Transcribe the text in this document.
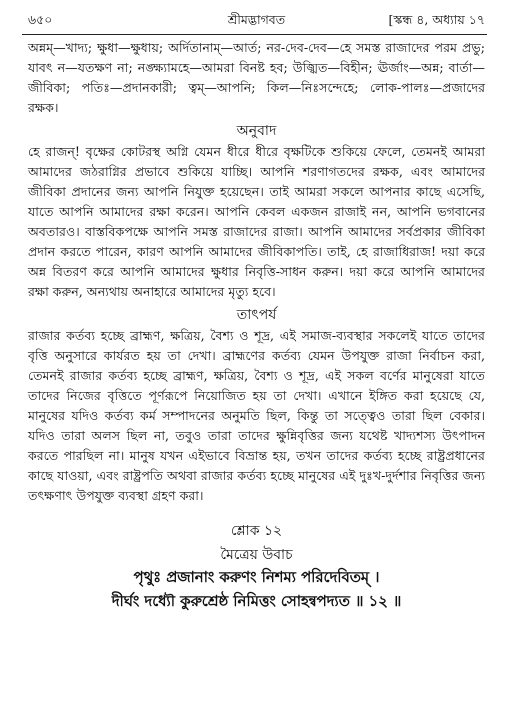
৬৫০	শ্রীমদ্ভাগবত	[স্কন্ধ ৪, অধ্যায় ১৭

অন্নম্—খাদ্য; ক্ষুধা—ক্ষুধায়; অর্দিতানাম্—আর্ত; নর-দেব-দেব—হে সমস্ত রাজাদের পরম প্রভু; যাবৎ ন—যতক্ষণ না; নঙ্ক্ষ্যামহে—আমরা বিনষ্ট হব; উজ্ঝিত—বিহীন; ঊর্জাং—অন্ন; বার্তা—জীবিকা; পতিঃ—প্রদানকারী; ত্বম্—আপনি; কিল—নিঃসন্দেহে; লোক-পালঃ—প্রজাদের রক্ষক।

অনুবাদ

হে রাজন্! বৃক্ষের কোটরস্থ অগ্নি যেমন ধীরে ধীরে বৃক্ষটিকে শুকিয়ে ফেলে, তেমনই আমরা আমাদের জঠরাগ্নির প্রভাবে শুকিয়ে যাচ্ছি। আপনি শরণাগতদের রক্ষক, এবং আমাদের জীবিকা প্রদানের জন্য আপনি নিযুক্ত হয়েছেন। তাই আমরা সকলে আপনার কাছে এসেছি, যাতে আপনি আমাদের রক্ষা করেন। আপনি কেবল একজন রাজাই নন, আপনি ভগবানের অবতারও। বাস্তবিকপক্ষে আপনি সমস্ত রাজাদের রাজা। আপনি আমাদের সর্বপ্রকার জীবিকা প্রদান করতে পারেন, কারণ আপনি আমাদের জীবিকাপতি। তাই, হে রাজাধিরাজ! দয়া করে অন্ন বিতরণ করে আপনি আমাদের ক্ষুধার নিবৃত্তি-সাধন করুন। দয়া করে আপনি আমাদের রক্ষা করুন, অন্যথায় অনাহারে আমাদের মৃত্যু হবে।

তাৎপর্য

রাজার কর্তব্য হচ্ছে ব্রাহ্মণ, ক্ষত্রিয়, বৈশ্য ও শূদ্র, এই সমাজ-ব্যবস্থার সকলেই যাতে তাদের বৃত্তি অনুসারে কার্যরত হয় তা দেখা। ব্রাহ্মণের কর্তব্য যেমন উপযুক্ত রাজা নির্বাচন করা, তেমনই রাজার কর্তব্য হচ্ছে ব্রাহ্মণ, ক্ষত্রিয়, বৈশ্য ও শূদ্র, এই সকল বর্ণের মানুষেরা যাতে তাদের নিজের বৃত্তিতে পূর্ণরূপে নিয়োজিত হয় তা দেখা। এখানে ইঙ্গিত করা হয়েছে যে, মানুষের যদিও কর্তব্য কর্ম সম্পাদনের অনুমতি ছিল, কিন্তু তা সত্ত্বেও তারা ছিল বেকার। যদিও তারা অলস ছিল না, তবুও তারা তাদের ক্ষুন্নিবৃত্তির জন্য যথেষ্ট খাদ্যশস্য উৎপাদন করতে পারছিল না। মানুষ যখন এইভাবে বিভ্রান্ত হয়, তখন তাদের কর্তব্য হচ্ছে রাষ্ট্রপ্রধানের কাছে যাওয়া, এবং রাষ্ট্রপতি অথবা রাজার কর্তব্য হচ্ছে মানুষের এই দুঃখ-দুর্দশার নিবৃত্তির জন্য তৎক্ষণাৎ উপযুক্ত ব্যবস্থা গ্রহণ করা।

শ্লোক ১২

মৈত্রেয় উবাচ

পৃথুঃ প্রজানাং করুণং নিশম্য পরিদেবিতম্ ।

দীর্ঘং দধ্যৌ কুরুশ্রেষ্ঠ নিমিত্তং সোহন্বপদ্যত ॥ ১২ ॥
